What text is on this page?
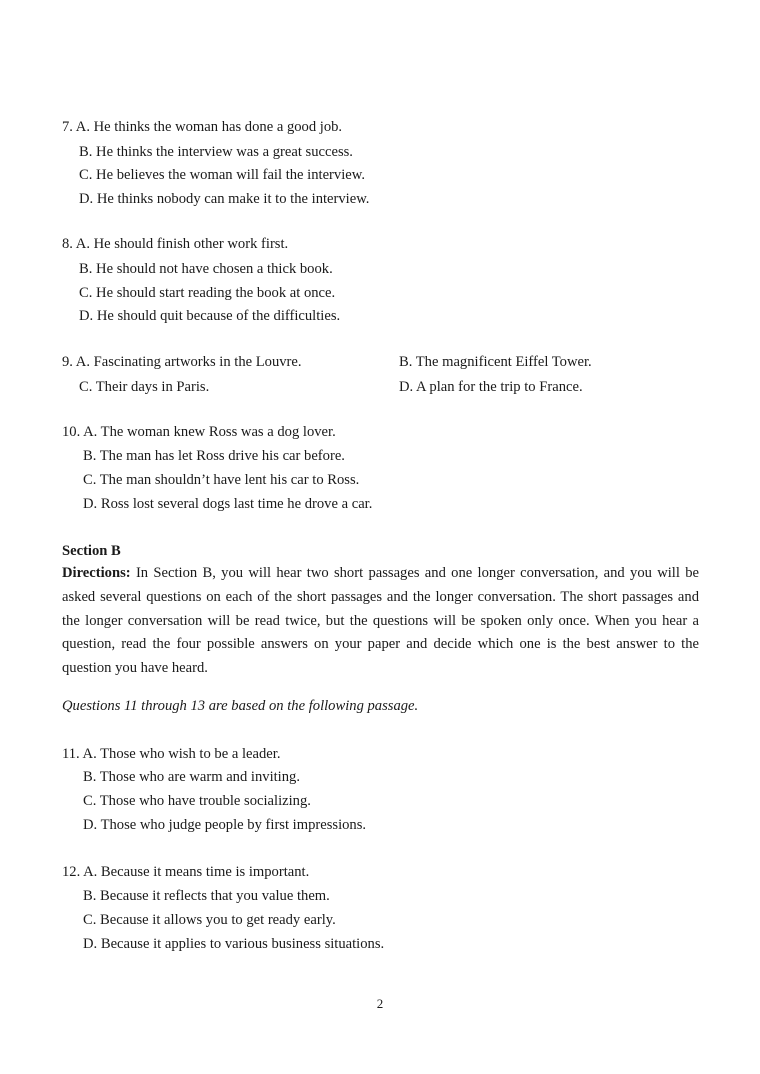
7. A. He thinks the woman has done a good job.
B. He thinks the interview was a great success.
C. He believes the woman will fail the interview.
D. He thinks nobody can make it to the interview.
8. A. He should finish other work first.
B. He should not have chosen a thick book.
C. He should start reading the book at once.
D. He should quit because of the difficulties.
9. A. Fascinating artworks in the Louvre.	B. The magnificent Eiffel Tower.
C. Their days in Paris.	D. A plan for the trip to France.
10. A. The woman knew Ross was a dog lover.
B. The man has let Ross drive his car before.
C. The man shouldn’t have lent his car to Ross.
D. Ross lost several dogs last time he drove a car.
Section B
Directions: In Section B, you will hear two short passages and one longer conversation, and you will be asked several questions on each of the short passages and the longer conversation. The short passages and the longer conversation will be read twice, but the questions will be spoken only once. When you hear a question, read the four possible answers on your paper and decide which one is the best answer to the question you have heard.
Questions 11 through 13 are based on the following passage.
11. A. Those who wish to be a leader.
B. Those who are warm and inviting.
C. Those who have trouble socializing.
D. Those who judge people by first impressions.
12. A. Because it means time is important.
B. Because it reflects that you value them.
C. Because it allows you to get ready early.
D. Because it applies to various business situations.
2
